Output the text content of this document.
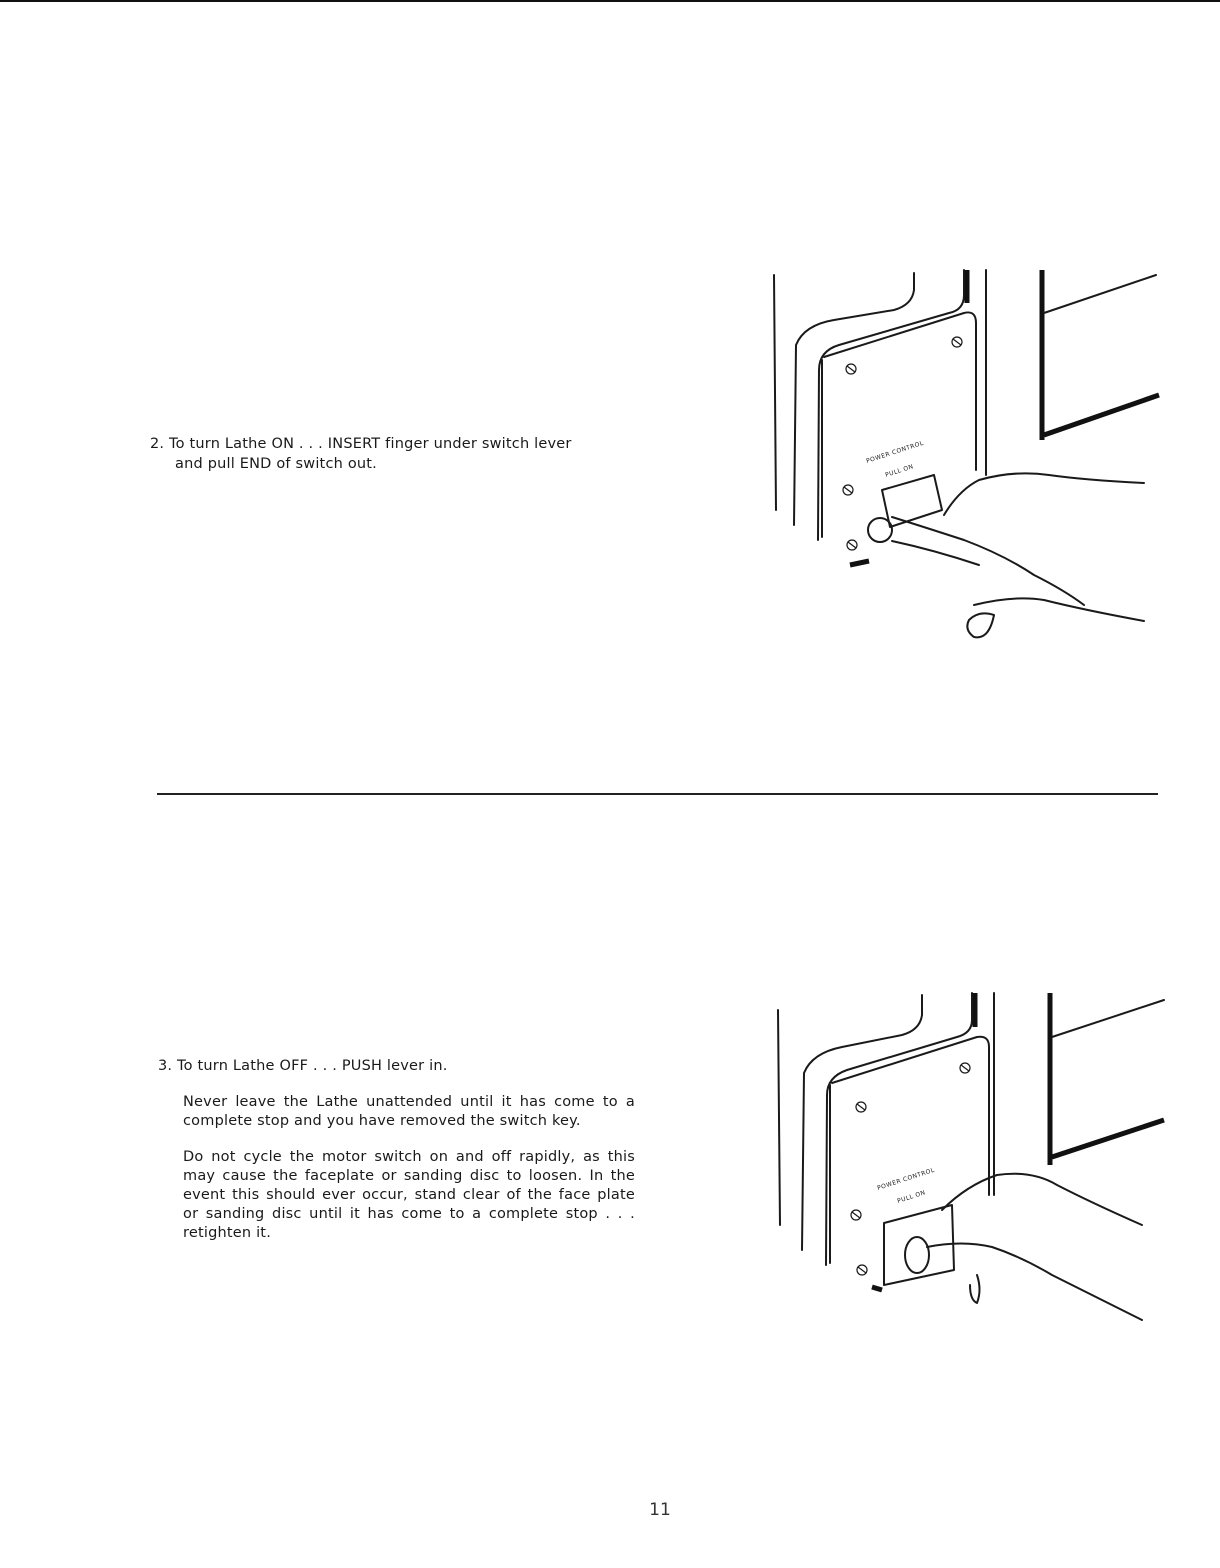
2. To turn Lathe ON . . . INSERT finger under switch lever
and pull END of switch out.	POWER CONTROL
PULL ON
3. To turn Lathe OFF . . . PUSH lever in.
Never leave the Lathe unattended until it has come to a complete stop and you have removed the switch key.
Do not cycle the motor switch on and off rapidly, as this may cause the faceplate or sanding disc to loosen. In the event this should ever occur, stand clear of the face plate or sanding disc until it has come to a complete stop . . . retighten it.
POWER CONTROL
PULL ON
11
